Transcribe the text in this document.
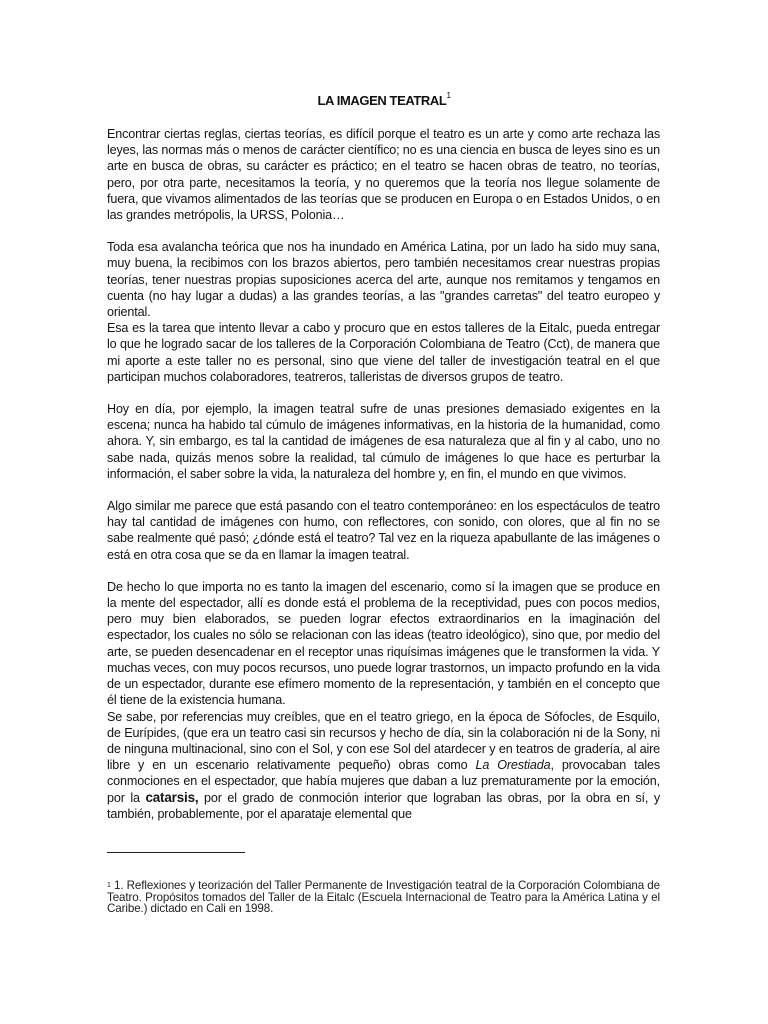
LA IMAGEN TEATRAL$^1$

Encontrar ciertas reglas, ciertas teorías, es difícil porque el teatro es un arte y como arte rechaza las leyes, las normas más o menos de carácter científico; no es una ciencia en busca de leyes sino es un arte en busca de obras, su carácter es práctico; en el teatro se hacen obras de teatro, no teorías, pero, por otra parte, necesitamos la teoría, y no queremos que la teoría nos llegue solamente de fuera, que vivamos alimentados de las teorías que se producen en Europa o en Estados Unidos, o en las grandes metrópolis, la URSS, Polonia…

Toda esa avalancha teórica que nos ha inundado en América Latina, por un lado ha sido muy sana, muy buena, la recibimos con los brazos abiertos, pero también necesitamos crear nuestras propias teorías, tener nuestras propias suposiciones acerca del arte, aunque nos remitamos y tengamos en cuenta (no hay lugar a dudas) a las grandes teorías, a las "grandes carretas" del teatro europeo y oriental.

Esa es la tarea que intento llevar a cabo y procuro que en estos talleres de la Eitalc, pueda entregar lo que he logrado sacar de los talleres de la Corporación Colombiana de Teatro (Cct), de manera que mi aporte a este taller no es personal, sino que viene del taller de investigación teatral en el que participan muchos colaboradores, teatreros, talleristas de diversos grupos de teatro.

Hoy en día, por ejemplo, la imagen teatral sufre de unas presiones demasiado exigentes en la escena; nunca ha habido tal cúmulo de imágenes informativas, en la historia de la humanidad, como ahora. Y, sin embargo, es tal la cantidad de imágenes de esa naturaleza que al fin y al cabo, uno no sabe nada, quizás menos sobre la realidad, tal cúmulo de imágenes lo que hace es perturbar la información, el saber sobre la vida, la naturaleza del hombre y, en fin, el mundo en que vivimos.

Algo similar me parece que está pasando con el teatro contemporáneo: en los espectáculos de teatro hay tal cantidad de imágenes con humo, con reflectores, con sonido, con olores, que al fin no se sabe realmente qué pasó; ¿dónde está el teatro? Tal vez en la riqueza apabullante de las imágenes o está en otra cosa que se da en llamar la imagen teatral.

De hecho lo que importa no es tanto la imagen del escenario, como sí la imagen que se produce en la mente del espectador, allí es donde está el problema de la receptividad, pues con pocos medios, pero muy bien elaborados, se pueden lograr efectos extraordinarios en la imaginación del espectador, los cuales no sólo se relacionan con las ideas (teatro ideológico), sino que, por medio del arte, se pueden desencadenar en el receptor unas riquísimas imágenes que le transformen la vida. Y muchas veces, con muy pocos recursos, uno puede lograr trastornos, un impacto profundo en la vida de un espectador, durante ese efímero momento de la representación, y también en el concepto que él tiene de la existencia humana.

Se sabe, por referencias muy creíbles, que en el teatro griego, en la época de Sófocles, de Esquilo, de Eurípides, (que era un teatro casi sin recursos y hecho de día, sin la colaboración ni de la Sony, ni de ninguna multinacional, sino con el Sol, y con ese Sol del atardecer y en teatros de gradería, al aire libre y en un escenario relativamente pequeño) obras como La Orestiada, provocaban tales conmociones en el espectador, que había mujeres que daban a luz prematuramente por la emoción, por la catarsis, por el grado de conmoción interior que lograban las obras, por la obra en sí, y también, probablemente, por el aparataje elemental que

$^1$ 1. Reflexiones y teorización del Taller Permanente de Investigación teatral de la Corporación Colombiana de Teatro. Propósitos tomados del Taller de la Eitalc (Escuela Internacional de Teatro para la América Latina y el Caribe.) dictado en Cali en 1998.
